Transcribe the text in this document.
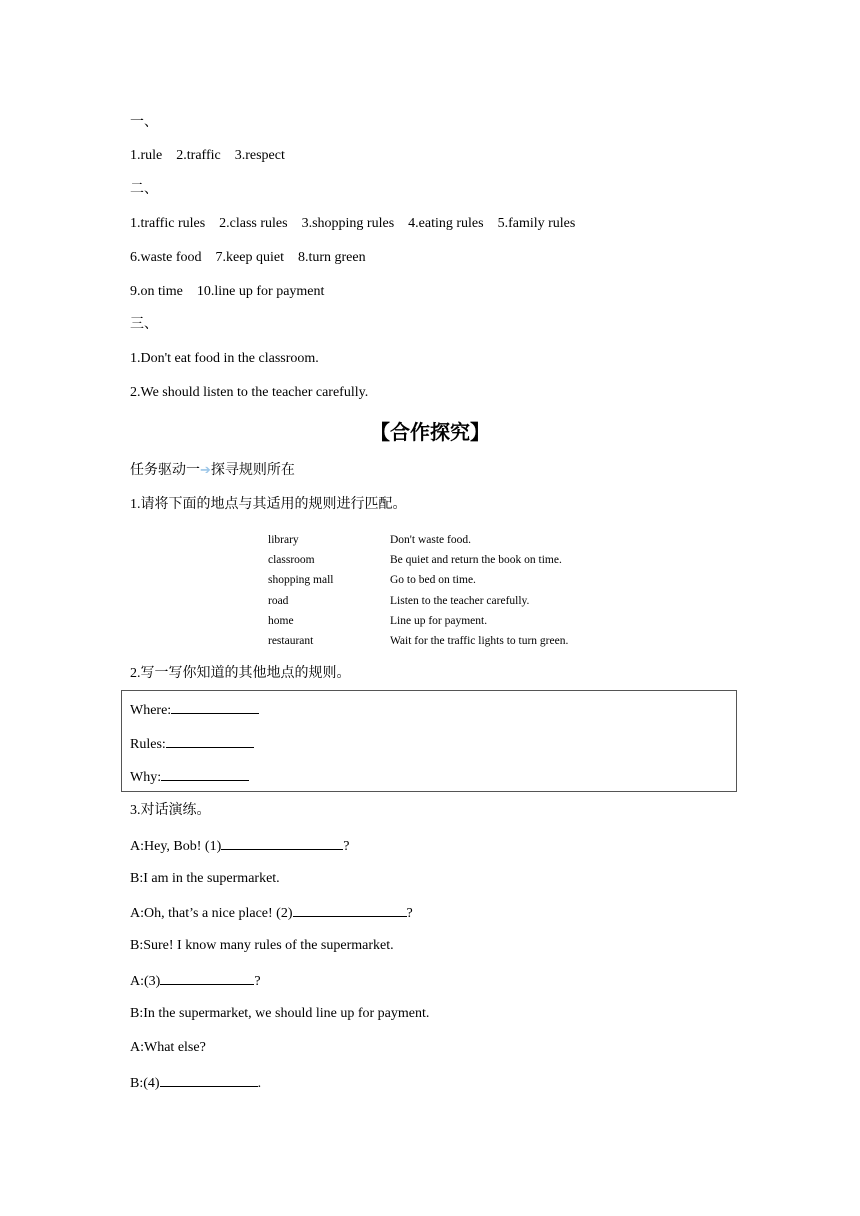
一、
1.rule 2.traffic 3.respect
二、
1.traffic rules 2.class rules 3.shopping rules 4.eating rules 5.family rules
6.waste food 7.keep quiet 8.turn green
9.on time 10.line up for payment
三、
1.Don't eat food in the classroom.
2.We should listen to the teacher carefully.
【合作探究】
任务驱动一➔探寻规则所在
1.请将下面的地点与其适用的规则进行匹配。
library	Don't waste food.
classroom	Be quiet and return the book on time.
shopping mall	Go to bed on time.
road	Listen to the teacher carefully.
home	Line up for payment.
restaurant	Wait for the traffic lights to turn green.
2.写一写你知道的其他地点的规则。
Where:
Rules:
Why:
3.对话演练。
A:Hey, Bob! (1)	?
B:I am in the supermarket.
A:Oh, that’s a nice place! (2)	?
B:Sure! I know many rules of the supermarket.
A:(3)	?
B:In the supermarket, we should line up for payment.
A:What else?
B:(4)	.
